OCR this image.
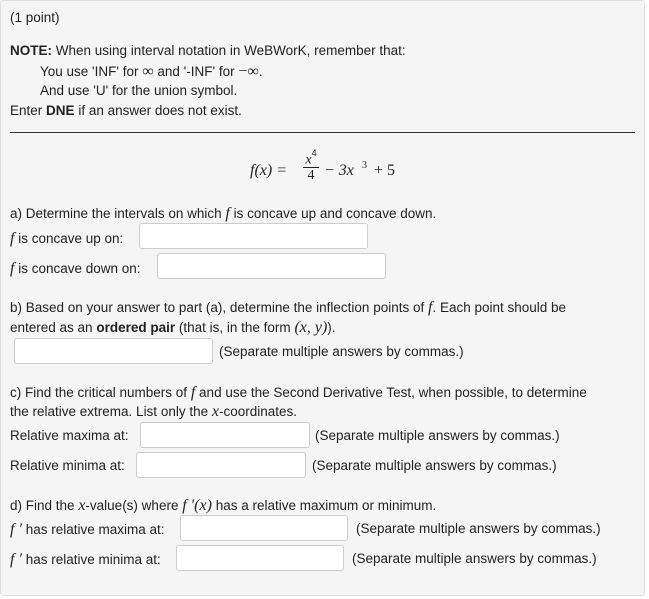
(1 point)
NOTE: When using interval notation in WeBWorK, remember that:
You use 'INF' for ∞ and '-INF' for −∞.
And use 'U' for the union symbol.
Enter DNE if an answer does not exist.
f(x) =
$x^4$
4 − 3x 3 + 5
a) Determine the intervals on which f is concave up and concave down.
f is concave up on:
f is concave down on:
b) Based on your answer to part (a), determine the inflection points of f. Each point should be
entered as an ordered pair (that is, in the form (x, y)).
(Separate multiple answers by commas.)
c) Find the critical numbers of f and use the Second Derivative Test, when possible, to determine
the relative extrema. List only the x-coordinates.
Relative maxima at:	(Separate multiple answers by commas.)
Relative minima at:	(Separate multiple answers by commas.)
d) Find the x-value(s) where f ′(x) has a relative maximum or minimum.
f ′ has relative maxima at:	(Separate multiple answers by commas.)
f ′ has relative minima at:	(Separate multiple answers by commas.)
